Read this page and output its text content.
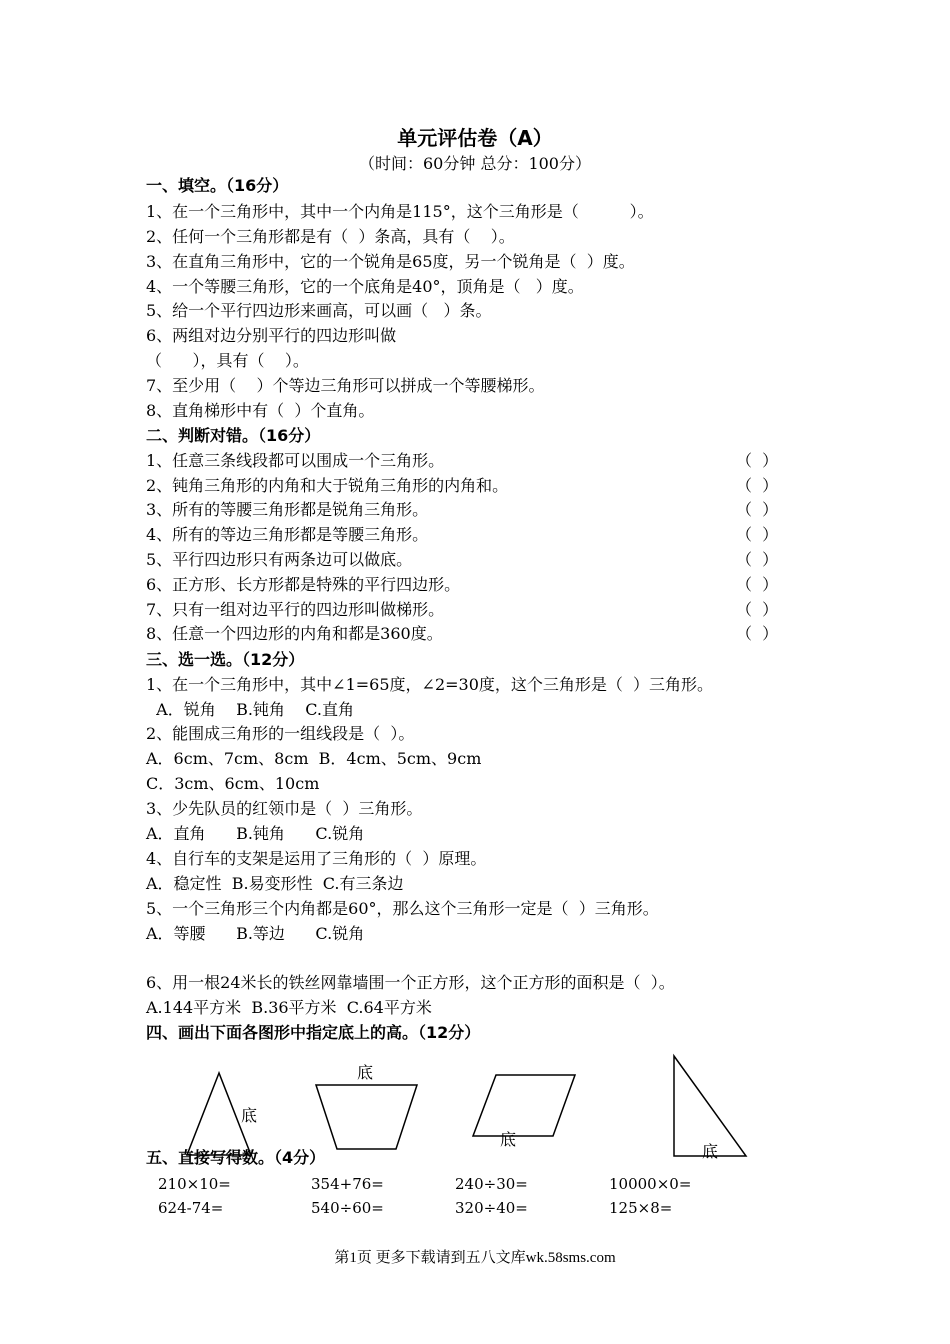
单元评估卷（A）
（时间：60分钟 总分：100分）
一、填空。（16分）
1、在一个三角形中，其中一个内角是115°，这个三角形是（          ）。
2、任何一个三角形都是有（  ）条高，具有（    ）。
3、在直角三角形中，它的一个锐角是65度，另一个锐角是（  ）度。
4、一个等腰三角形，它的一个底角是40°，顶角是（   ）度。
5、给一个平行四边形来画高，可以画（   ）条。
6、两组对边分别平行的四边形叫做
（      ），具有（    ）。
7、至少用（    ）个等边三角形可以拼成一个等腰梯形。
8、直角梯形中有（  ）个直角。
二、判断对错。（16分）
1、任意三条线段都可以围成一个三角形。	（  ）
2、钝角三角形的内角和大于锐角三角形的内角和。	（  ）
3、所有的等腰三角形都是锐角三角形。	（  ）
4、所有的等边三角形都是等腰三角形。	（  ）
5、平行四边形只有两条边可以做底。	（  ）
6、正方形、长方形都是特殊的平行四边形。	（  ）
7、只有一组对边平行的四边形叫做梯形。	（  ）
8、任意一个四边形的内角和都是360度。	（  ）
三、选一选。（12分）
1、在一个三角形中，其中∠1=65度，∠2=30度，这个三角形是（  ）三角形。
A．锐角    B.钝角    C.直角
2、能围成三角形的一组线段是（  ）。
A．6cm、7cm、8cm  B．4cm、5cm、9cm
C．3cm、6cm、10cm
3、少先队员的红领巾是（  ）三角形。
A．直角      B.钝角      C.锐角
4、自行车的支架是运用了三角形的（  ）原理。
A．稳定性  B.易变形性  C.有三条边
5、一个三角形三个内角都是60°，那么这个三角形一定是（  ）三角形。
A．等腰      B.等边      C.锐角
6、用一根24米长的铁丝网靠墙围一个正方形，这个正方形的面积是（  ）。
A.144平方米  B.36平方米  C.64平方米
四、画出下面各图形中指定底上的高。（12分）
底
底
底
底
五、直接写得数。（4分）
210×10=	354+76=	240÷30=	10000×0=
624-74=	540÷60=	320÷40=	125×8=
第1页 更多下载请到五八文库wk.58sms.com
